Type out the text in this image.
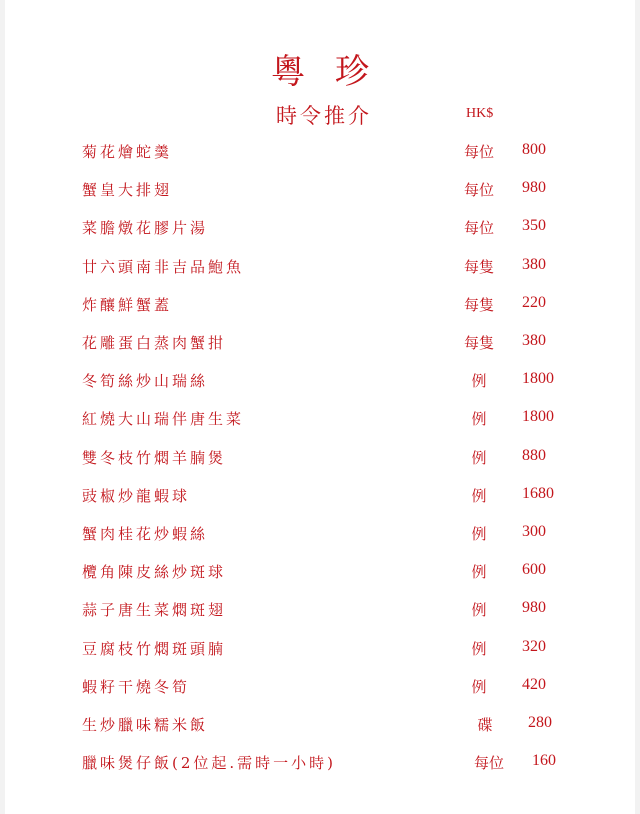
粵珍
時令推介	HK$
菊花燴蛇羹	每位	800
蟹皇大排翅	每位	980
菜膽燉花膠片湯	每位	350
廿六頭南非吉品鮑魚	每隻	380
炸釀鮮蟹蓋	每隻	220
花雕蛋白蒸肉蟹拑	每隻	380
冬筍絲炒山瑞絲	例	1800
紅燒大山瑞伴唐生菜	例	1800
雙冬枝竹燜羊腩煲	例	880
豉椒炒龍蝦球	例	1680
蟹肉桂花炒蝦絲	例	300
欖角陳皮絲炒斑球	例	600
蒜子唐生菜燜斑翅	例	980
豆腐枝竹燜斑頭腩	例	320
蝦籽干燒冬筍	例	420
生炒臘味糯米飯	碟	280
臘味煲仔飯(2位起.需時一小時)	每位	160
